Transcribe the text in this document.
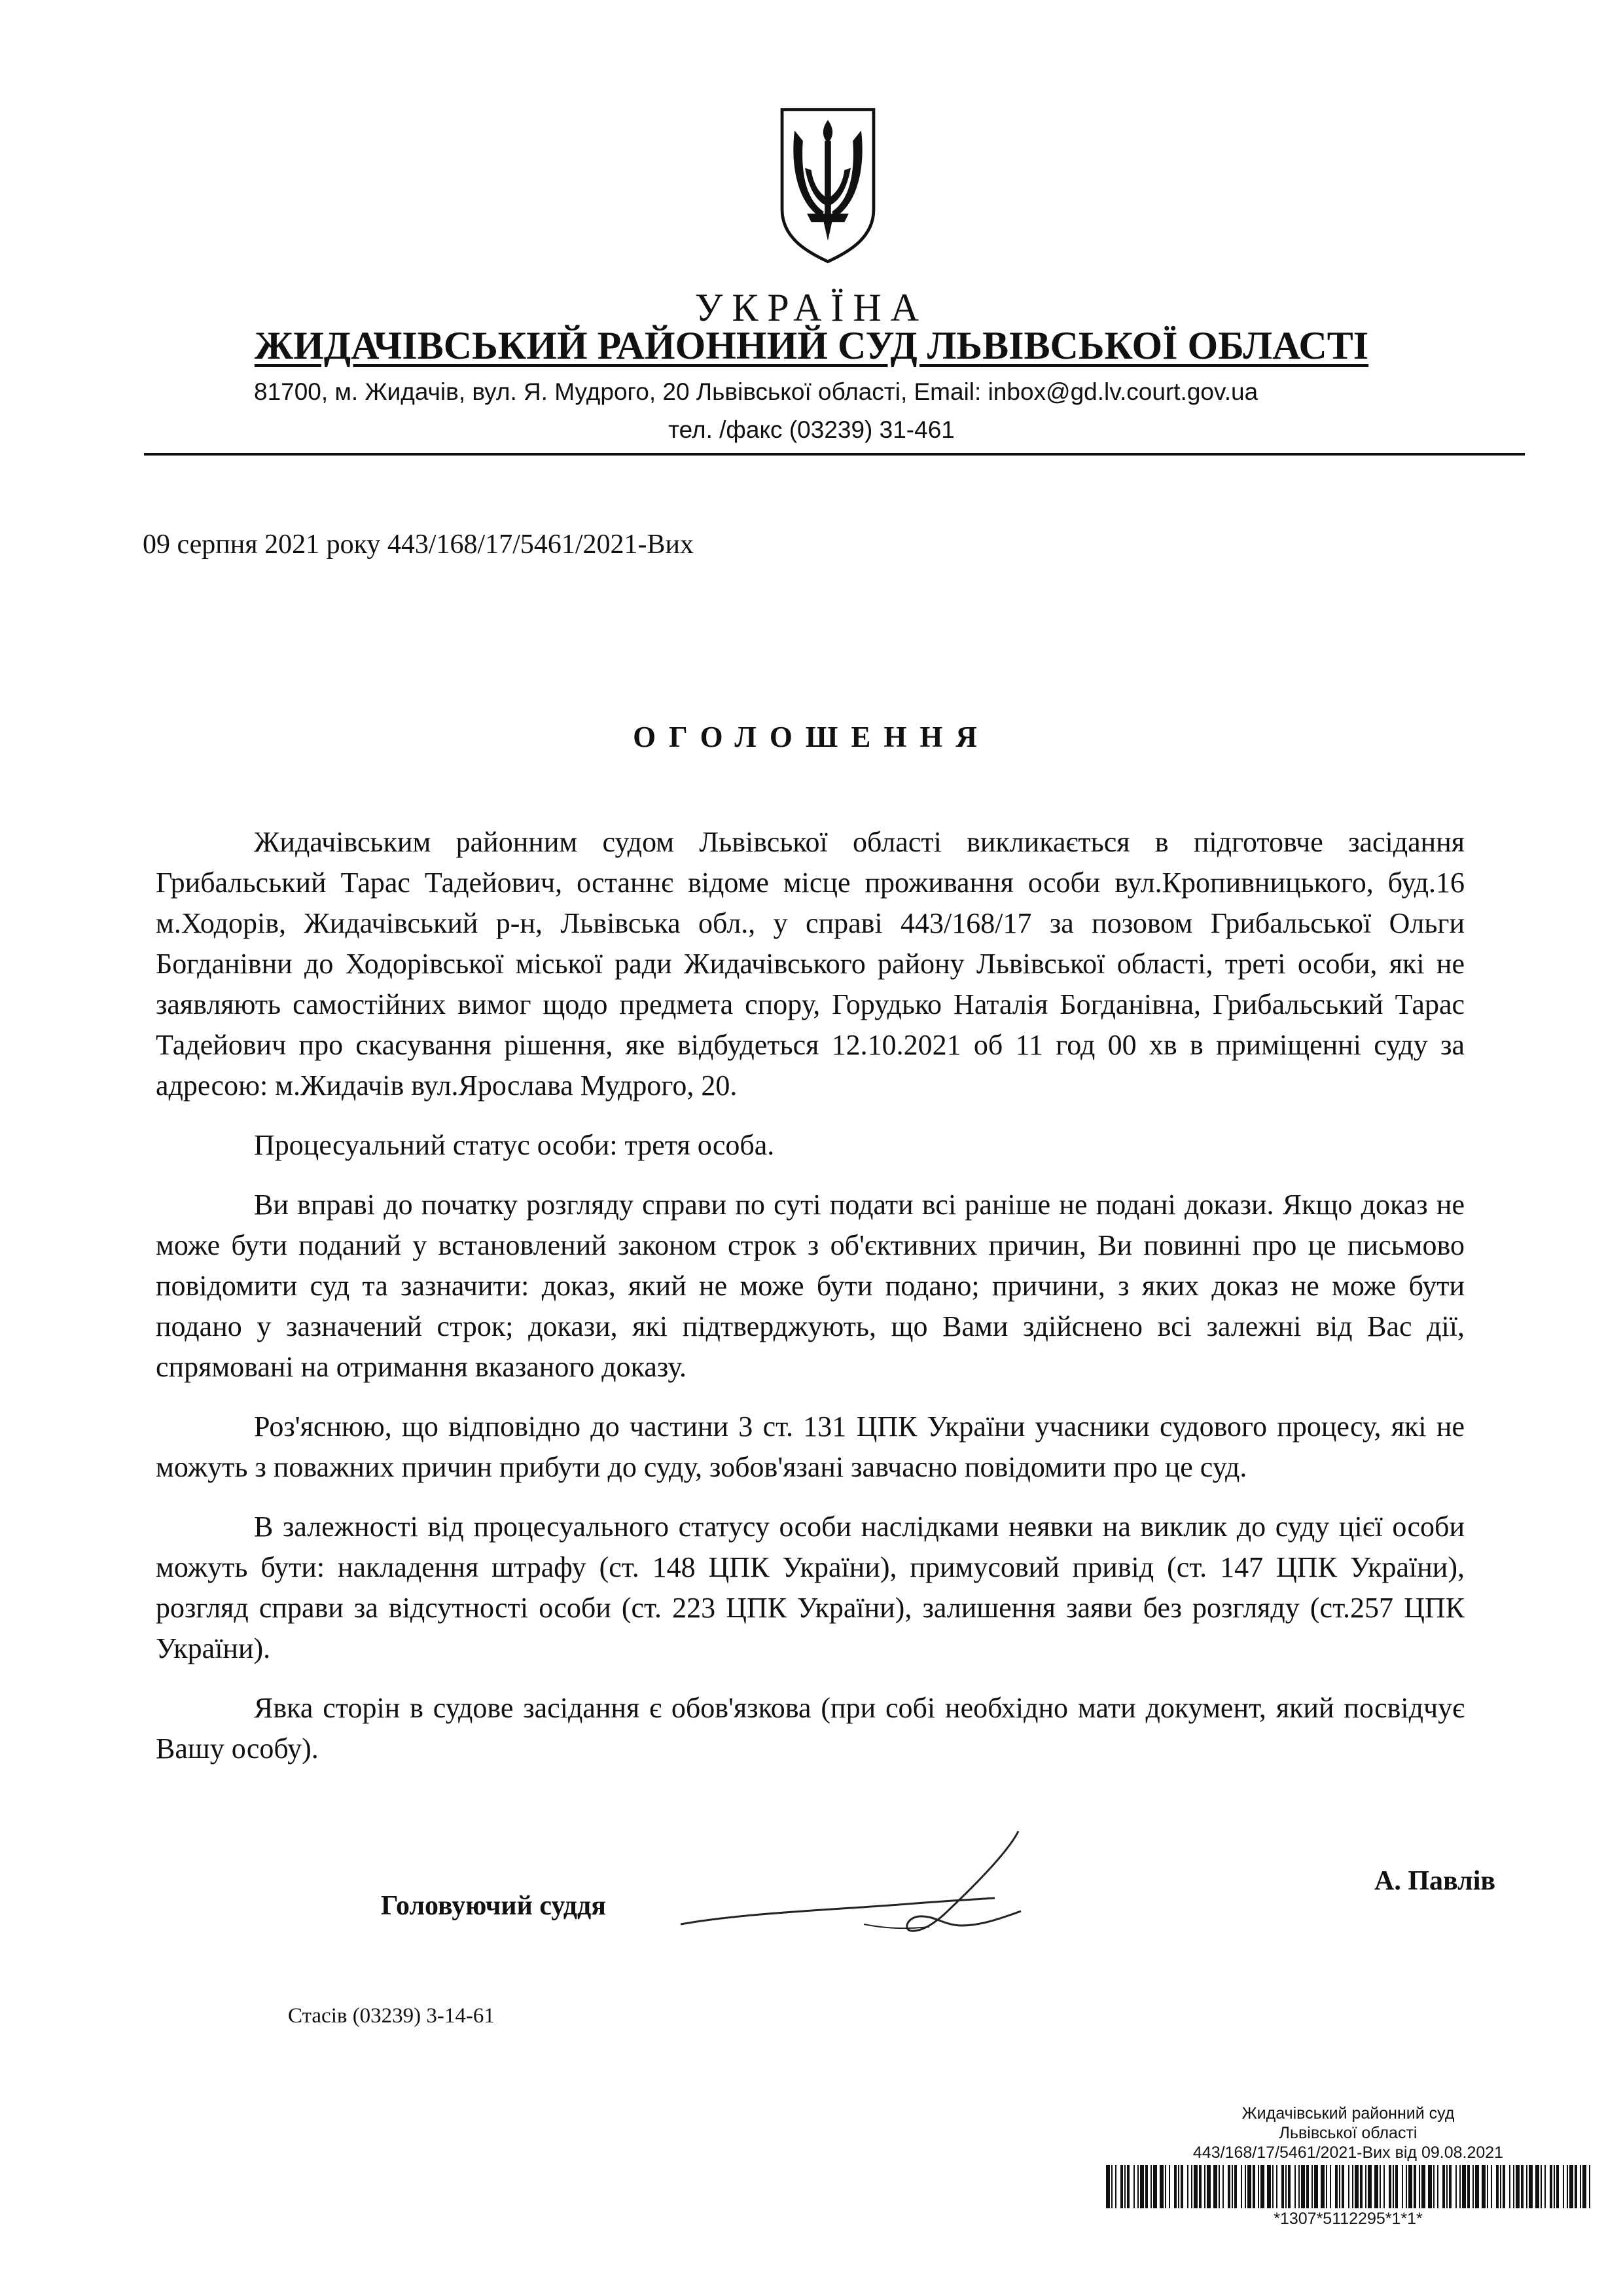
УКРАЇНА
ЖИДАЧІВСЬКИЙ РАЙОННИЙ СУД ЛЬВІВСЬКОЇ ОБЛАСТІ
81700, м. Жидачів, вул. Я. Мудрого, 20 Львівської області, Email: inbox@gd.lv.court.gov.ua
тел. /факс (03239) 31-461
09 серпня 2021 року 443/168/17/5461/2021-Вих
ОГОЛОШЕННЯ

Жидачівським районним судом Львівської області викликається в підготовче засідання Грибальський Тарас Тадейович, останнє відоме місце проживання особи вул.Кропивницького, буд.16 м.Ходорів, Жидачівський р-н, Львівська обл., у справі 443/168/17 за позовом Грибальської Ольги Богданівни до Ходорівської міської ради Жидачівського району Львівської області, треті особи, які не заявляють самостійних вимог щодо предмета спору, Горудько Наталія Богданівна, Грибальський Тарас Тадейович про скасування рішення, яке відбудеться 12.10.2021 об 11 год 00 хв в приміщенні суду за адресою: м.Жидачів вул.Ярослава Мудрого, 20.

Процесуальний статус особи: третя особа.

Ви вправі до початку розгляду справи по суті подати всі раніше не подані докази. Якщо доказ не може бути поданий у встановлений законом строк з об'єктивних причин, Ви повинні про це письмово повідомити суд та зазначити: доказ, який не може бути подано; причини, з яких доказ не може бути подано у зазначений строк; докази, які підтверджують, що Вами здійснено всі залежні від Вас дії, спрямовані на отримання вказаного доказу.

Роз'яснюю, що відповідно до частини 3 ст. 131 ЦПК України учасники судового процесу, які не можуть з поважних причин прибути до суду, зобов'язані завчасно повідомити про це суд.

В залежності від процесуального статусу особи наслідками неявки на виклик до суду цієї особи можуть бути: накладення штрафу (ст. 148 ЦПК України), примусовий привід (ст. 147 ЦПК України), розгляд справи за відсутності особи (ст. 223 ЦПК України), залишення заяви без розгляду (ст.257 ЦПК України).

Явка сторін в судове засідання є обов'язкова (при собі необхідно мати документ, який посвідчує Вашу особу).

Головуючий суддя
А. Павлів
Стасів (03239) 3-14-61
Жидачівський районний суд
Львівської області
443/168/17/5461/2021-Вих від 09.08.2021
*1307*5112295*1*1*
